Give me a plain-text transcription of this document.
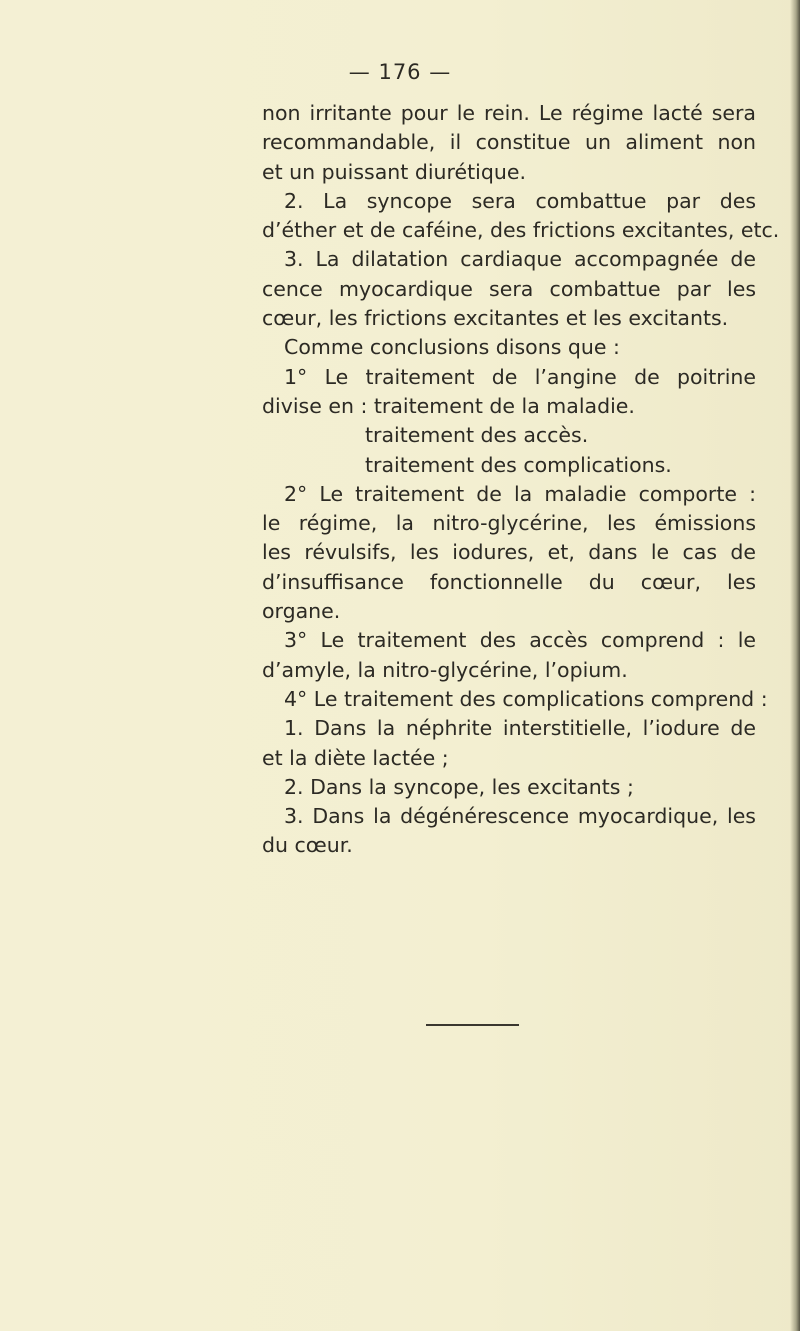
— 176 —
non irritante pour le rein. Le régime lacté sera
recommandable, il constitue un aliment non
et un puissant diurétique.
2. La syncope sera combattue par des
d’éther et de caféine, des frictions excitantes, etc.
3. La dilatation cardiaque accompagnée de
cence myocardique sera combattue par les
cœur, les frictions excitantes et les excitants.
Comme conclusions disons que :
1° Le traitement de l’angine de poitrine
divise en : traitement de la maladie.
traitement des accès.
traitement des complications.
2° Le traitement de la maladie comporte :
le régime, la nitro-glycérine, les émissions
les révulsifs, les iodures, et, dans le cas de
d’insuffisance fonctionnelle du cœur, les
organe.
3° Le traitement des accès comprend : le
d’amyle, la nitro-glycérine, l’opium.
4° Le traitement des complications comprend :
1. Dans la néphrite interstitielle, l’iodure de
et la diète lactée ;
2. Dans la syncope, les excitants ;
3. Dans la dégénérescence myocardique, les
du cœur.
